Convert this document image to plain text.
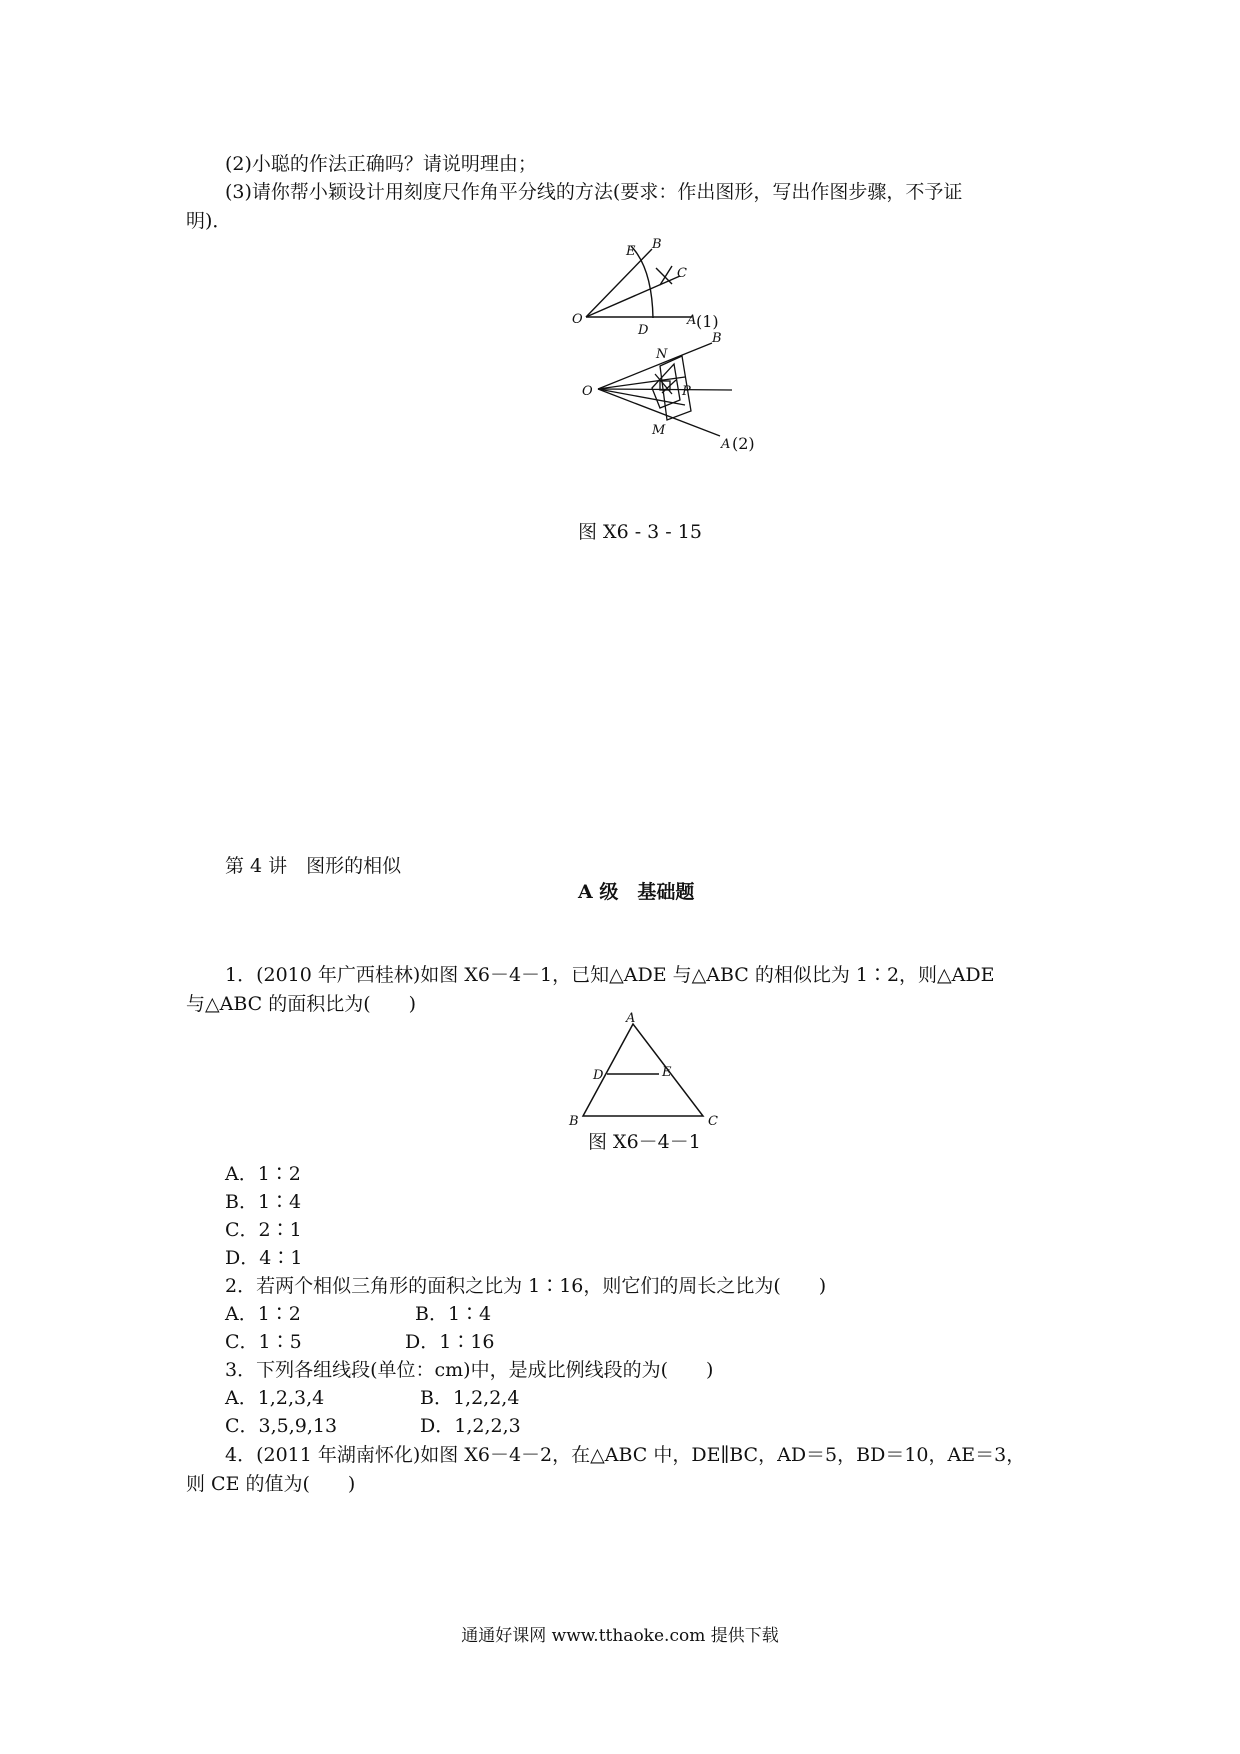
(2)小聪的作法正确吗？请说明理由；
(3)请你帮小颖设计用刻度尺作角平分线的方法(要求：作出图形，写出作图步骤，不予证
明)．
O
D
A
E B
C
(1)
O
N
B
P
M
A (2)
图 X6 - 3 - 15
第 4 讲　图形的相似
A 级　基础题
1．(2010 年广西桂林)如图 X6－4－1，已知△ADE 与△ABC 的相似比为 1∶2，则△ADE
与△ABC 的面积比为(　　)
A
D	E
B	C
图 X6－4－1
A．1∶2
B．1∶4
C．2∶1
D．4∶1
2．若两个相似三角形的面积之比为 1∶16，则它们的周长之比为(　　)
A．1∶2	B．1∶4
C．1∶5	D．1∶16
3．下列各组线段(单位：cm)中，是成比例线段的为(　　)
A．1,2,3,4	B．1,2,2,4
C．3,5,9,13	D．1,2,2,3
4．(2011 年湖南怀化)如图 X6－4－2，在△ABC 中，DE∥BC，AD＝5，BD＝10，AE＝3，
则 CE 的值为(　　)
通通好课网 www.tthaoke.com 提供下载
